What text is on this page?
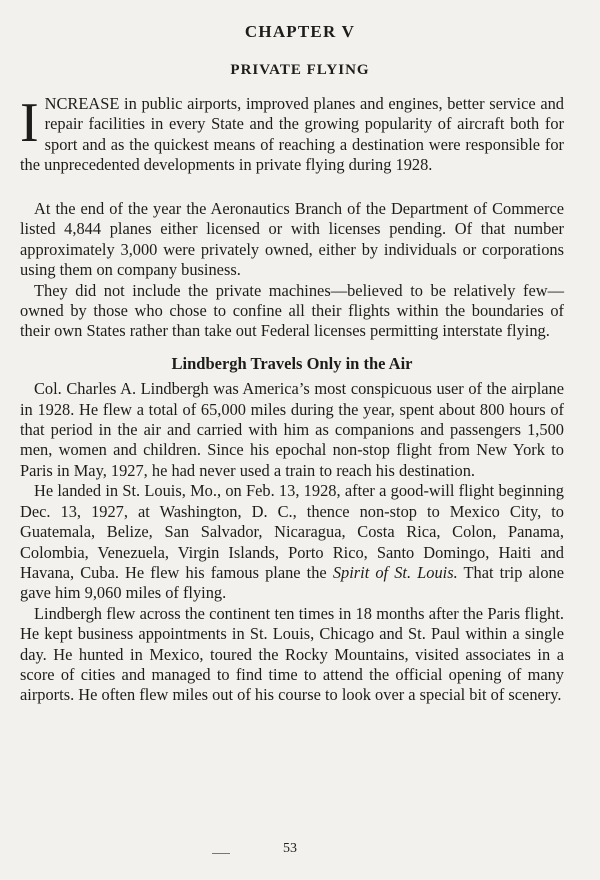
CHAPTER V
PRIVATE FLYING
I NCREASE in public airports, improved planes and engines, better service and repair facilities in every State and the growing popularity of aircraft both for sport and as the quickest means of reaching a destination were responsible for the unprecedented developments in private flying during 1928.

At the end of the year the Aeronautics Branch of the Department of Commerce listed 4,844 planes either licensed or with licenses pending. Of that number approximately 3,000 were privately owned, either by individuals or corporations using them on company business.

They did not include the private machines—believed to be relatively few—owned by those who chose to confine all their flights within the boundaries of their own States rather than take out Federal licenses permitting interstate flying.

Lindbergh Travels Only in the Air

Col. Charles A. Lindbergh was America’s most conspicuous user of the airplane in 1928. He flew a total of 65,000 miles during the year, spent about 800 hours of that period in the air and carried with him as companions and passengers 1,500 men, women and children. Since his epochal non-stop flight from New York to Paris in May, 1927, he had never used a train to reach his destination.

He landed in St. Louis, Mo., on Feb. 13, 1928, after a good-will flight beginning Dec. 13, 1927, at Washington, D. C., thence non-stop to Mexico City, to Guatemala, Belize, San Salvador, Nicaragua, Costa Rica, Colon, Panama, Colombia, Venezuela, Virgin Islands, Porto Rico, Santo Domingo, Haiti and Havana, Cuba. He flew his famous plane the Spirit of St. Louis. That trip alone gave him 9,060 miles of flying.

Lindbergh flew across the continent ten times in 18 months after the Paris flight. He kept business appointments in St. Louis, Chicago and St. Paul within a single day. He hunted in Mexico, toured the Rocky Mountains, visited associates in a score of cities and managed to find time to attend the official opening of many airports. He often flew miles out of his course to look over a special bit of scenery.

53
